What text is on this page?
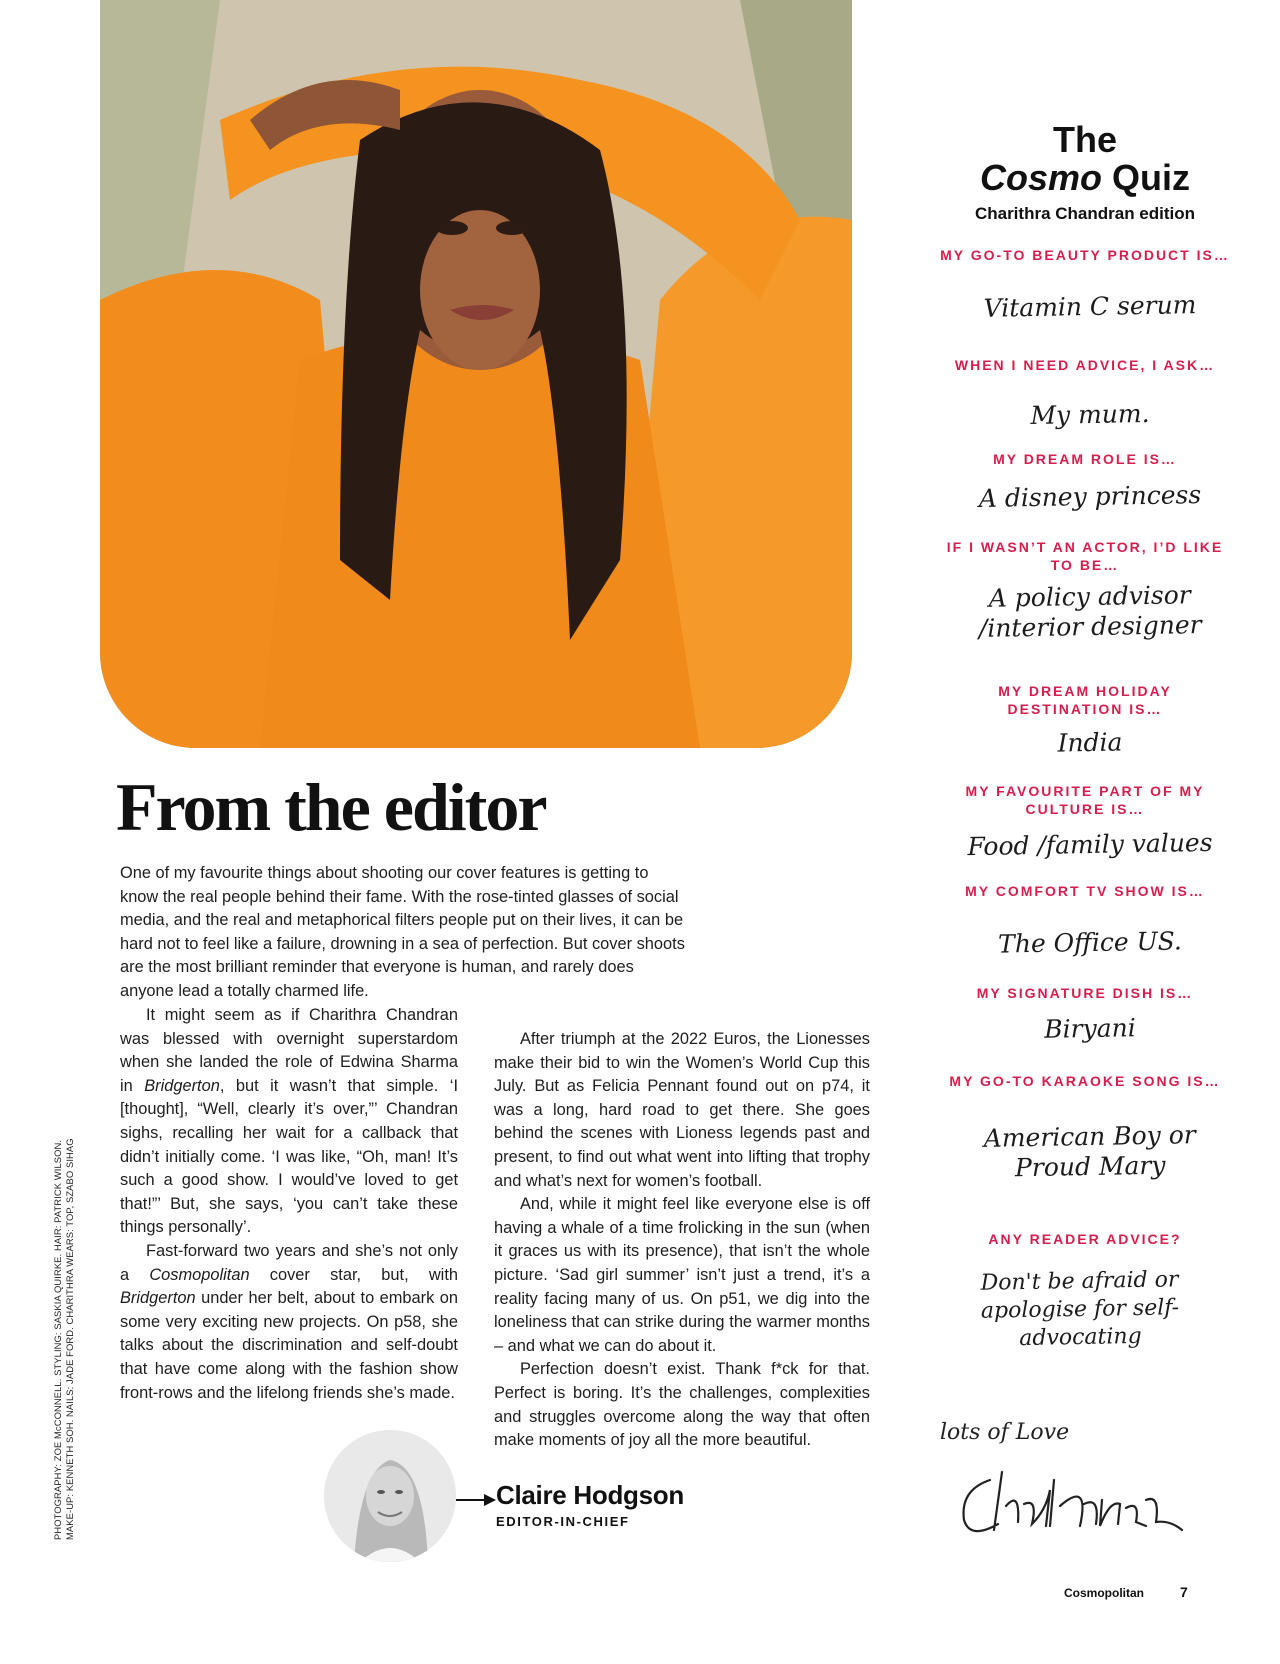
From the editor

One of my favourite things about shooting our cover features is getting to know the real people behind their fame. With the rose-tinted glasses of social media, and the real and metaphorical filters people put on their lives, it can be hard not to feel like a failure, drowning in a sea of perfection. But cover shoots are the most brilliant reminder that everyone is human, and rarely does anyone lead a totally charmed life.

It might seem as if Charithra Chandran was blessed with overnight superstardom when she landed the role of Edwina Sharma in Bridgerton, but it wasn’t that simple. ‘I [thought], “Well, clearly it’s over,”’ Chandran sighs, recalling her wait for a callback that didn’t initially come. ‘I was like, “Oh, man! It’s such a good show. I would’ve loved to get that!”’ But, she says, ‘you can’t take these things personally’.

Fast-forward two years and she’s not only a Cosmopolitan cover star, but, with Bridgerton under her belt, about to embark on some very exciting new projects. On p58, she talks about the discrimination and self-doubt that have come along with the fashion show front-rows and the lifelong friends she’s made.

After triumph at the 2022 Euros, the Lionesses make their bid to win the Women’s World Cup this July. But as Felicia Pennant found out on p74, it was a long, hard road to get there. She goes behind the scenes with Lioness legends past and present, to find out what went into lifting that trophy and what’s next for women’s football.

And, while it might feel like everyone else is off having a whale of a time frolicking in the sun (when it graces us with its presence), that isn’t the whole picture. ‘Sad girl summer’ isn’t just a trend, it’s a reality facing many of us. On p51, we dig into the loneliness that can strike during the warmer months – and what we can do about it.

Perfection doesn’t exist. Thank f*ck for that. Perfect is boring. It’s the challenges, complexities and struggles overcome along the way that often make moments of joy all the more beautiful.

PHOTOGRAPHY: ZOE McCONNELL. STYLING: SASKIA QUIRKE. HAIR: PATRICK WILSON. MAKE-UP: KENNETH SOH. NAILS: JADE FORD. CHARITHRA WEARS: TOP, SZABO SIHAG	Claire Hodgson
EDITOR-IN-CHIEF
The
Cosmo Quiz
Charithra Chandran edition
MY GO-TO BEAUTY PRODUCT IS…
Vitamin C serum
WHEN I NEED ADVICE, I ASK…
My mum.
MY DREAM ROLE IS…
A disney princess
IF I WASN’T AN ACTOR, I’D LIKE TO BE…
A policy advisor /interior designer
MY DREAM HOLIDAY DESTINATION IS…
India
MY FAVOURITE PART OF MY CULTURE IS…
Food /family values
MY COMFORT TV SHOW IS…
The Office US.
MY SIGNATURE DISH IS…
Biryani
MY GO-TO KARAOKE SONG IS…
American Boy or Proud Mary
ANY READER ADVICE?
Don't be afraid or apologise for self-advocating
lots of Love
Cosmopolitan	7
